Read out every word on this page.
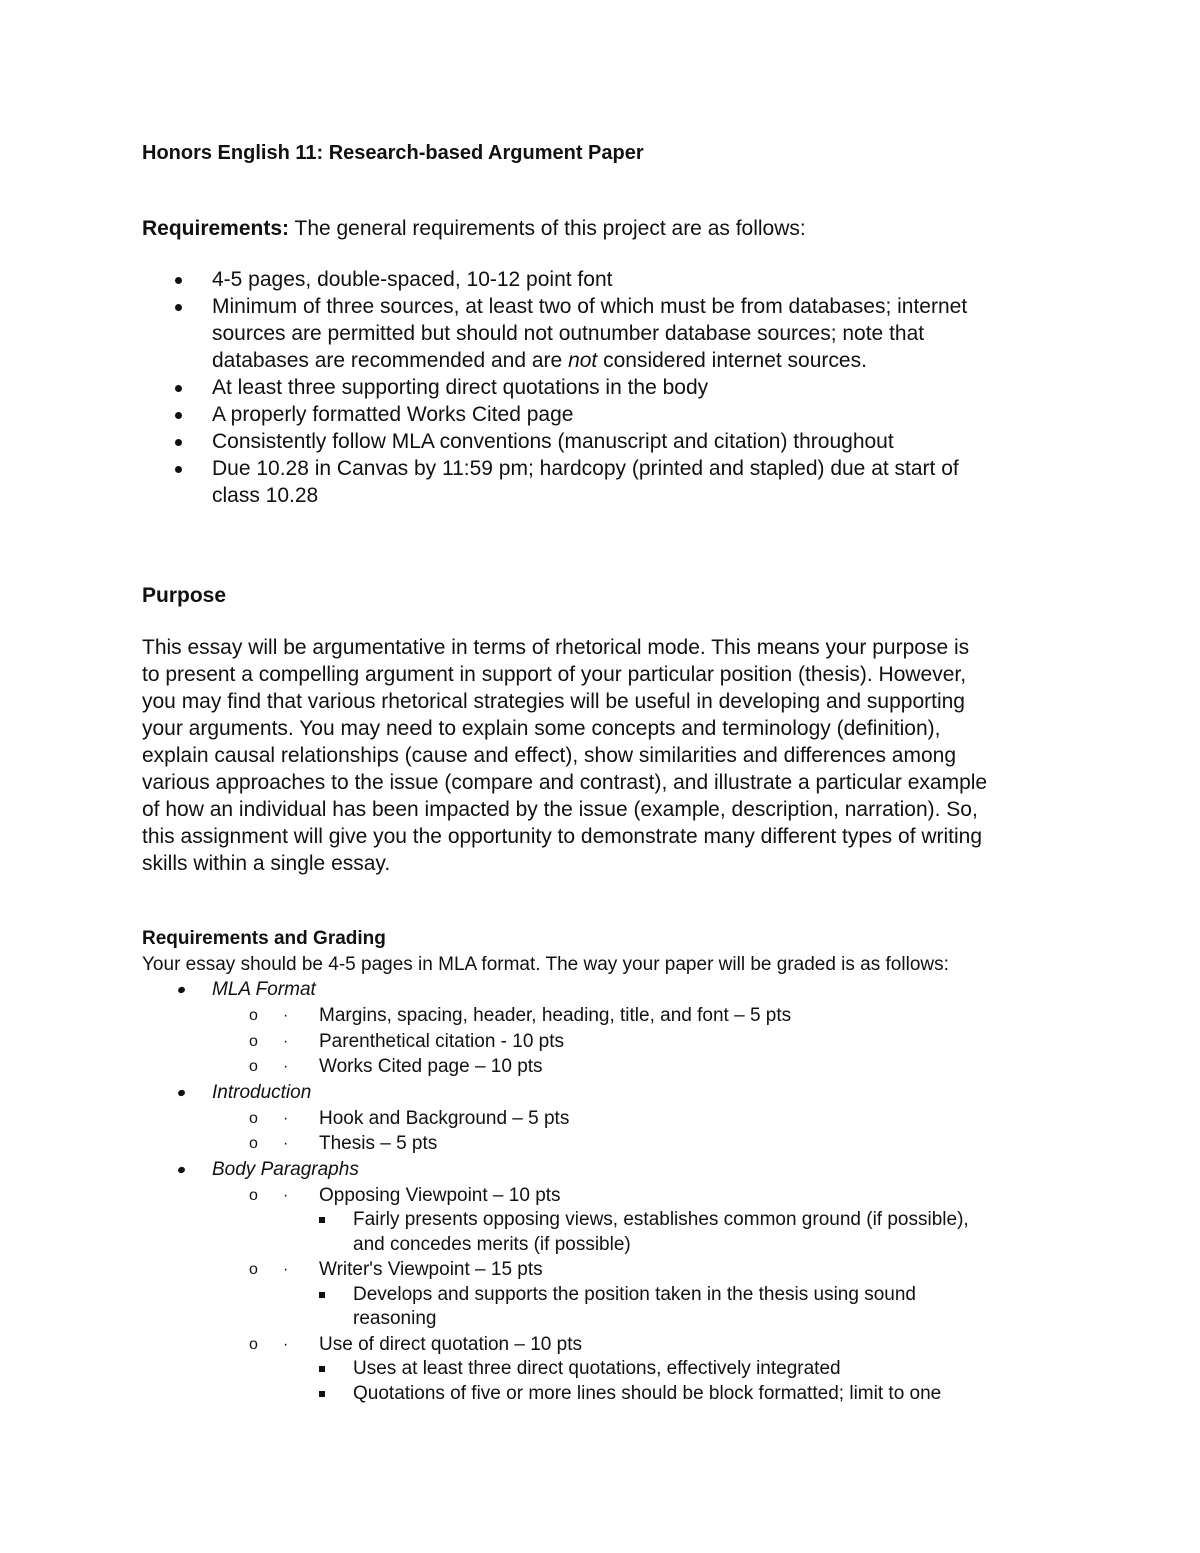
Honors English 11: Research-based Argument Paper
Requirements: The general requirements of this project are as follows:
4-5 pages, double-spaced, 10-12 point font
Minimum of three sources, at least two of which must be from databases; internet
sources are permitted but should not outnumber database sources; note that
databases are recommended and are not considered internet sources.
At least three supporting direct quotations in the body
A properly formatted Works Cited page
Consistently follow MLA conventions (manuscript and citation) throughout
Due 10.28 in Canvas by 11:59 pm; hardcopy (printed and stapled) due at start of
class 10.28
Purpose
This essay will be argumentative in terms of rhetorical mode. This means your purpose is
to present a compelling argument in support of your particular position (thesis). However,
you may find that various rhetorical strategies will be useful in developing and supporting
your arguments. You may need to explain some concepts and terminology (definition),
explain causal relationships (cause and effect), show similarities and differences among
various approaches to the issue (compare and contrast), and illustrate a particular example
of how an individual has been impacted by the issue (example, description, narration). So,
this assignment will give you the opportunity to demonstrate many different types of writing
skills within a single essay.
Requirements and Grading
Your essay should be 4-5 pages in MLA format. The way your paper will be graded is as follows:
MLA Format
o · Margins, spacing, header, heading, title, and font – 5 pts
o · Parenthetical citation - 10 pts
o · Works Cited page – 10 pts
Introduction
o · Hook and Background – 5 pts
o · Thesis – 5 pts
Body Paragraphs
o · Opposing Viewpoint – 10 pts
Fairly presents opposing views, establishes common ground (if possible),
and concedes merits (if possible)
o · Writer's Viewpoint – 15 pts
Develops and supports the position taken in the thesis using sound
reasoning
o · Use of direct quotation – 10 pts
Uses at least three direct quotations, effectively integrated
Quotations of five or more lines should be block formatted; limit to one
